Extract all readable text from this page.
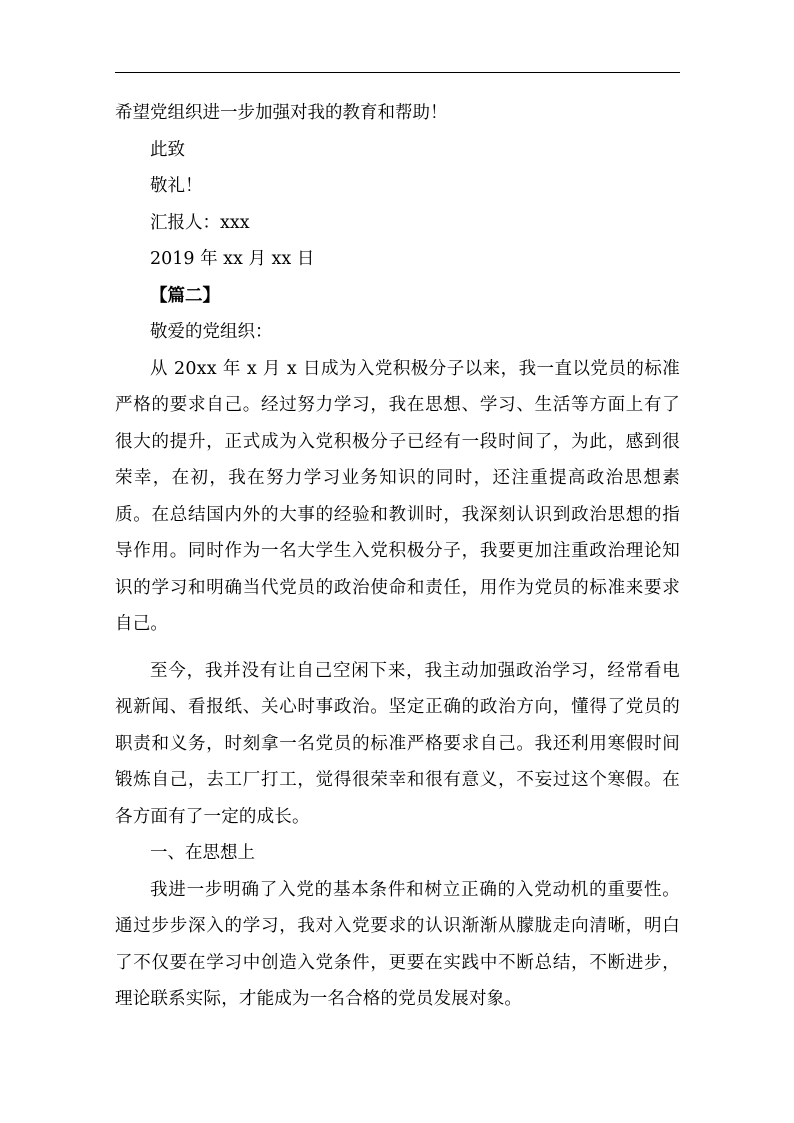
希望党组织进一步加强对我的教育和帮助！
此致
敬礼！
汇报人：xxx
2019 年 xx 月 xx 日
【篇二】
敬爱的党组织：
从 20xx 年 x 月 x 日成为入党积极分子以来，我一直以党员的标准严格的要求自己。经过努力学习，我在思想、学习、生活等方面上有了很大的提升，正式成为入党积极分子已经有一段时间了，为此，感到很荣幸，在初，我在努力学习业务知识的同时，还注重提高政治思想素质。在总结国内外的大事的经验和教训时，我深刻认识到政治思想的指导作用。同时作为一名大学生入党积极分子，我要更加注重政治理论知识的学习和明确当代党员的政治使命和责任，用作为党员的标准来要求自己。
至今，我并没有让自己空闲下来，我主动加强政治学习，经常看电视新闻、看报纸、关心时事政治。坚定正确的政治方向，懂得了党员的职责和义务，时刻拿一名党员的标准严格要求自己。我还利用寒假时间锻炼自己，去工厂打工，觉得很荣幸和很有意义，不妄过这个寒假。在各方面有了一定的成长。
一、在思想上
我进一步明确了入党的基本条件和树立正确的入党动机的重要性。通过步步深入的学习，我对入党要求的认识渐渐从朦胧走向清晰，明白了不仅要在学习中创造入党条件，更要在实践中不断总结，不断进步，理论联系实际，才能成为一名合格的党员发展对象。
